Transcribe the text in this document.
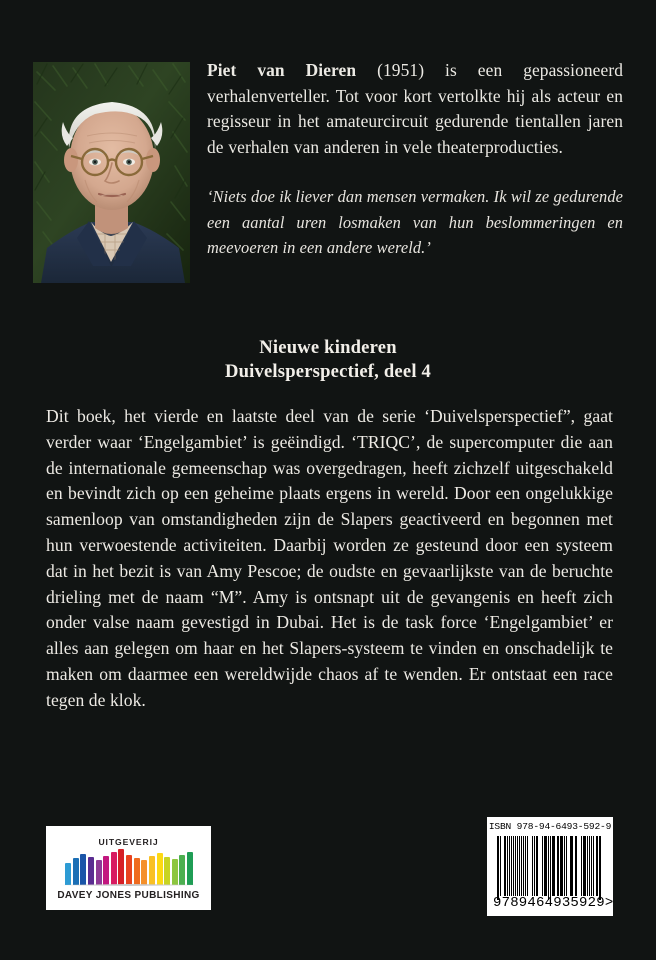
Piet van Dieren (1951) is een gepassioneerd verhalenverteller. Tot voor kort vertolkte hij als acteur en regisseur in het amateurcircuit gedurende tientallen jaren de verhalen van anderen in vele theaterproducties.

‘Niets doe ik liever dan mensen vermaken. Ik wil ze gedurende een aantal uren losmaken van hun beslommeringen en meevoeren in een andere wereld.’

Nieuwe kinderen
Duivelsperspectief, deel 4

Dit boek, het vierde en laatste deel van de serie ‘Duivelsperspectief”, gaat verder waar ‘Engelgambiet’ is geëindigd. ‘TRIQC’, de supercomputer die aan de internationale gemeenschap was overgedragen, heeft zichzelf uitgeschakeld en bevindt zich op een geheime plaats ergens in wereld. Door een ongelukkige samenloop van omstandigheden zijn de Slapers geactiveerd en begonnen met hun verwoestende activiteiten. Daarbij worden ze gesteund door een systeem dat in het bezit is van Amy Pescoe; de oudste en gevaarlijkste van de beruchte drieling met de naam “M”. Amy is ontsnapt uit de gevangenis en heeft zich onder valse naam gevestigd in Dubai. Het is de task force ‘Engelgambiet’ er alles aan gelegen om haar en het Slapers-systeem te vinden en onschadelijk te maken om daarmee een wereldwijde chaos af te wenden. Er ontstaat een race tegen de klok.

UITGEVERIJ
DAVEY JONES PUBLISHING
ISBN 978-94-6493-592-9
9 789464 935929 >
